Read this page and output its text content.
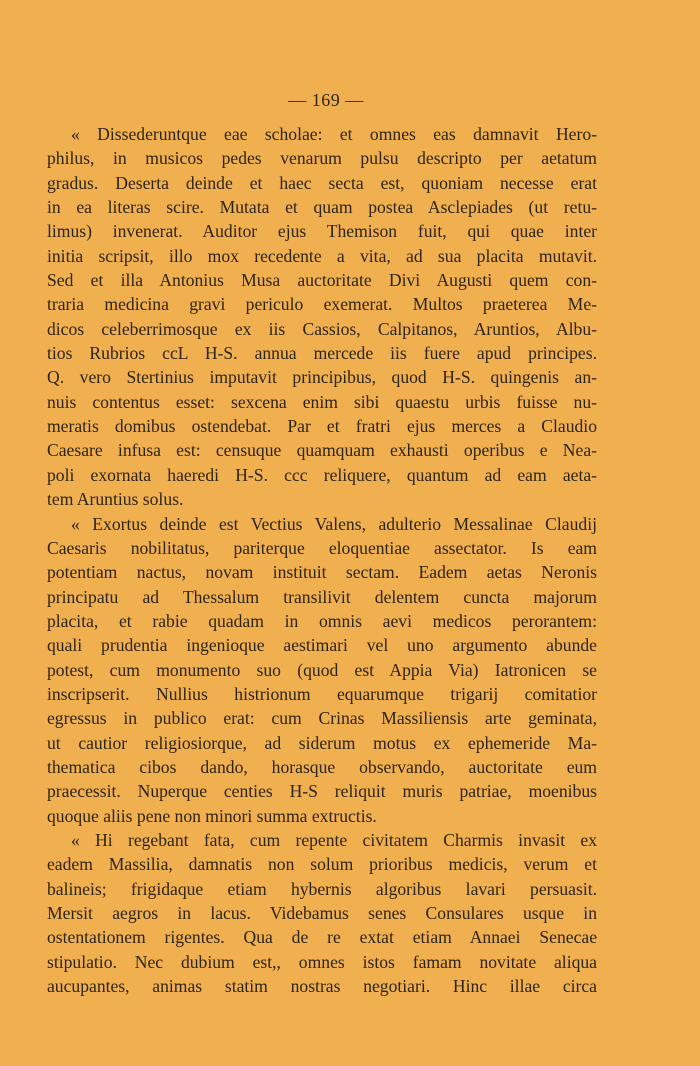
— 169 —
« Dissederuntque eae scholae: et omnes eas damnavit Hero-
philus, in musicos pedes venarum pulsu descripto per aetatum
gradus. Deserta deinde et haec secta est, quoniam necesse erat
in ea literas scire. Mutata et quam postea Asclepiades (ut retu-
limus) invenerat. Auditor ejus Themison fuit, qui quae inter
initia scripsit, illo mox recedente a vita, ad sua placita mutavit.
Sed et illa Antonius Musa auctoritate Divi Augusti quem con-
traria medicina gravi periculo exemerat. Multos praeterea Me-
dicos celeberrimosque ex iis Cassios, Calpitanos, Aruntios, Albu-
tios Rubrios ccL H-S. annua mercede iis fuere apud principes.
Q. vero Stertinius imputavit principibus, quod H-S. quingenis an-
nuis contentus esset: sexcena enim sibi quaestu urbis fuisse nu-
meratis domibus ostendebat. Par et fratri ejus merces a Claudio
Caesare infusa est: censuque quamquam exhausti operibus e Nea-
poli exornata haeredi H-S. ccc reliquere, quantum ad eam aeta-
tem Aruntius solus.
« Exortus deinde est Vectius Valens, adulterio Messalinae Claudij
Caesaris nobilitatus, pariterque eloquentiae assectator. Is eam
potentiam nactus, novam instituit sectam. Eadem aetas Neronis
principatu ad Thessalum transilivit delentem cuncta majorum
placita, et rabie quadam in omnis aevi medicos perorantem:
quali prudentia ingenioque aestimari vel uno argumento abunde
potest, cum monumento suo (quod est Appia Via) Iatronicen se
inscripserit. Nullius histrionum equarumque trigarij comitatior
egressus in publico erat: cum Crinas Massiliensis arte geminata,
ut cautior religiosiorque, ad siderum motus ex ephemeride Ma-
thematica cibos dando, horasque observando, auctoritate eum
praecessit. Nuperque centies H-S reliquit muris patriae, moenibus
quoque aliis pene non minori summa extructis.
« Hi regebant fata, cum repente civitatem Charmis invasit ex
eadem Massilia, damnatis non solum prioribus medicis, verum et
balineis; frigidaque etiam hybernis algoribus lavari persuasit.
Mersit aegros in lacus. Videbamus senes Consulares usque in
ostentationem rigentes. Qua de re extat etiam Annaei Senecae
stipulatio. Nec dubium est,, omnes istos famam novitate aliqua
aucupantes, animas statim nostras negotiari. Hinc illae circa
